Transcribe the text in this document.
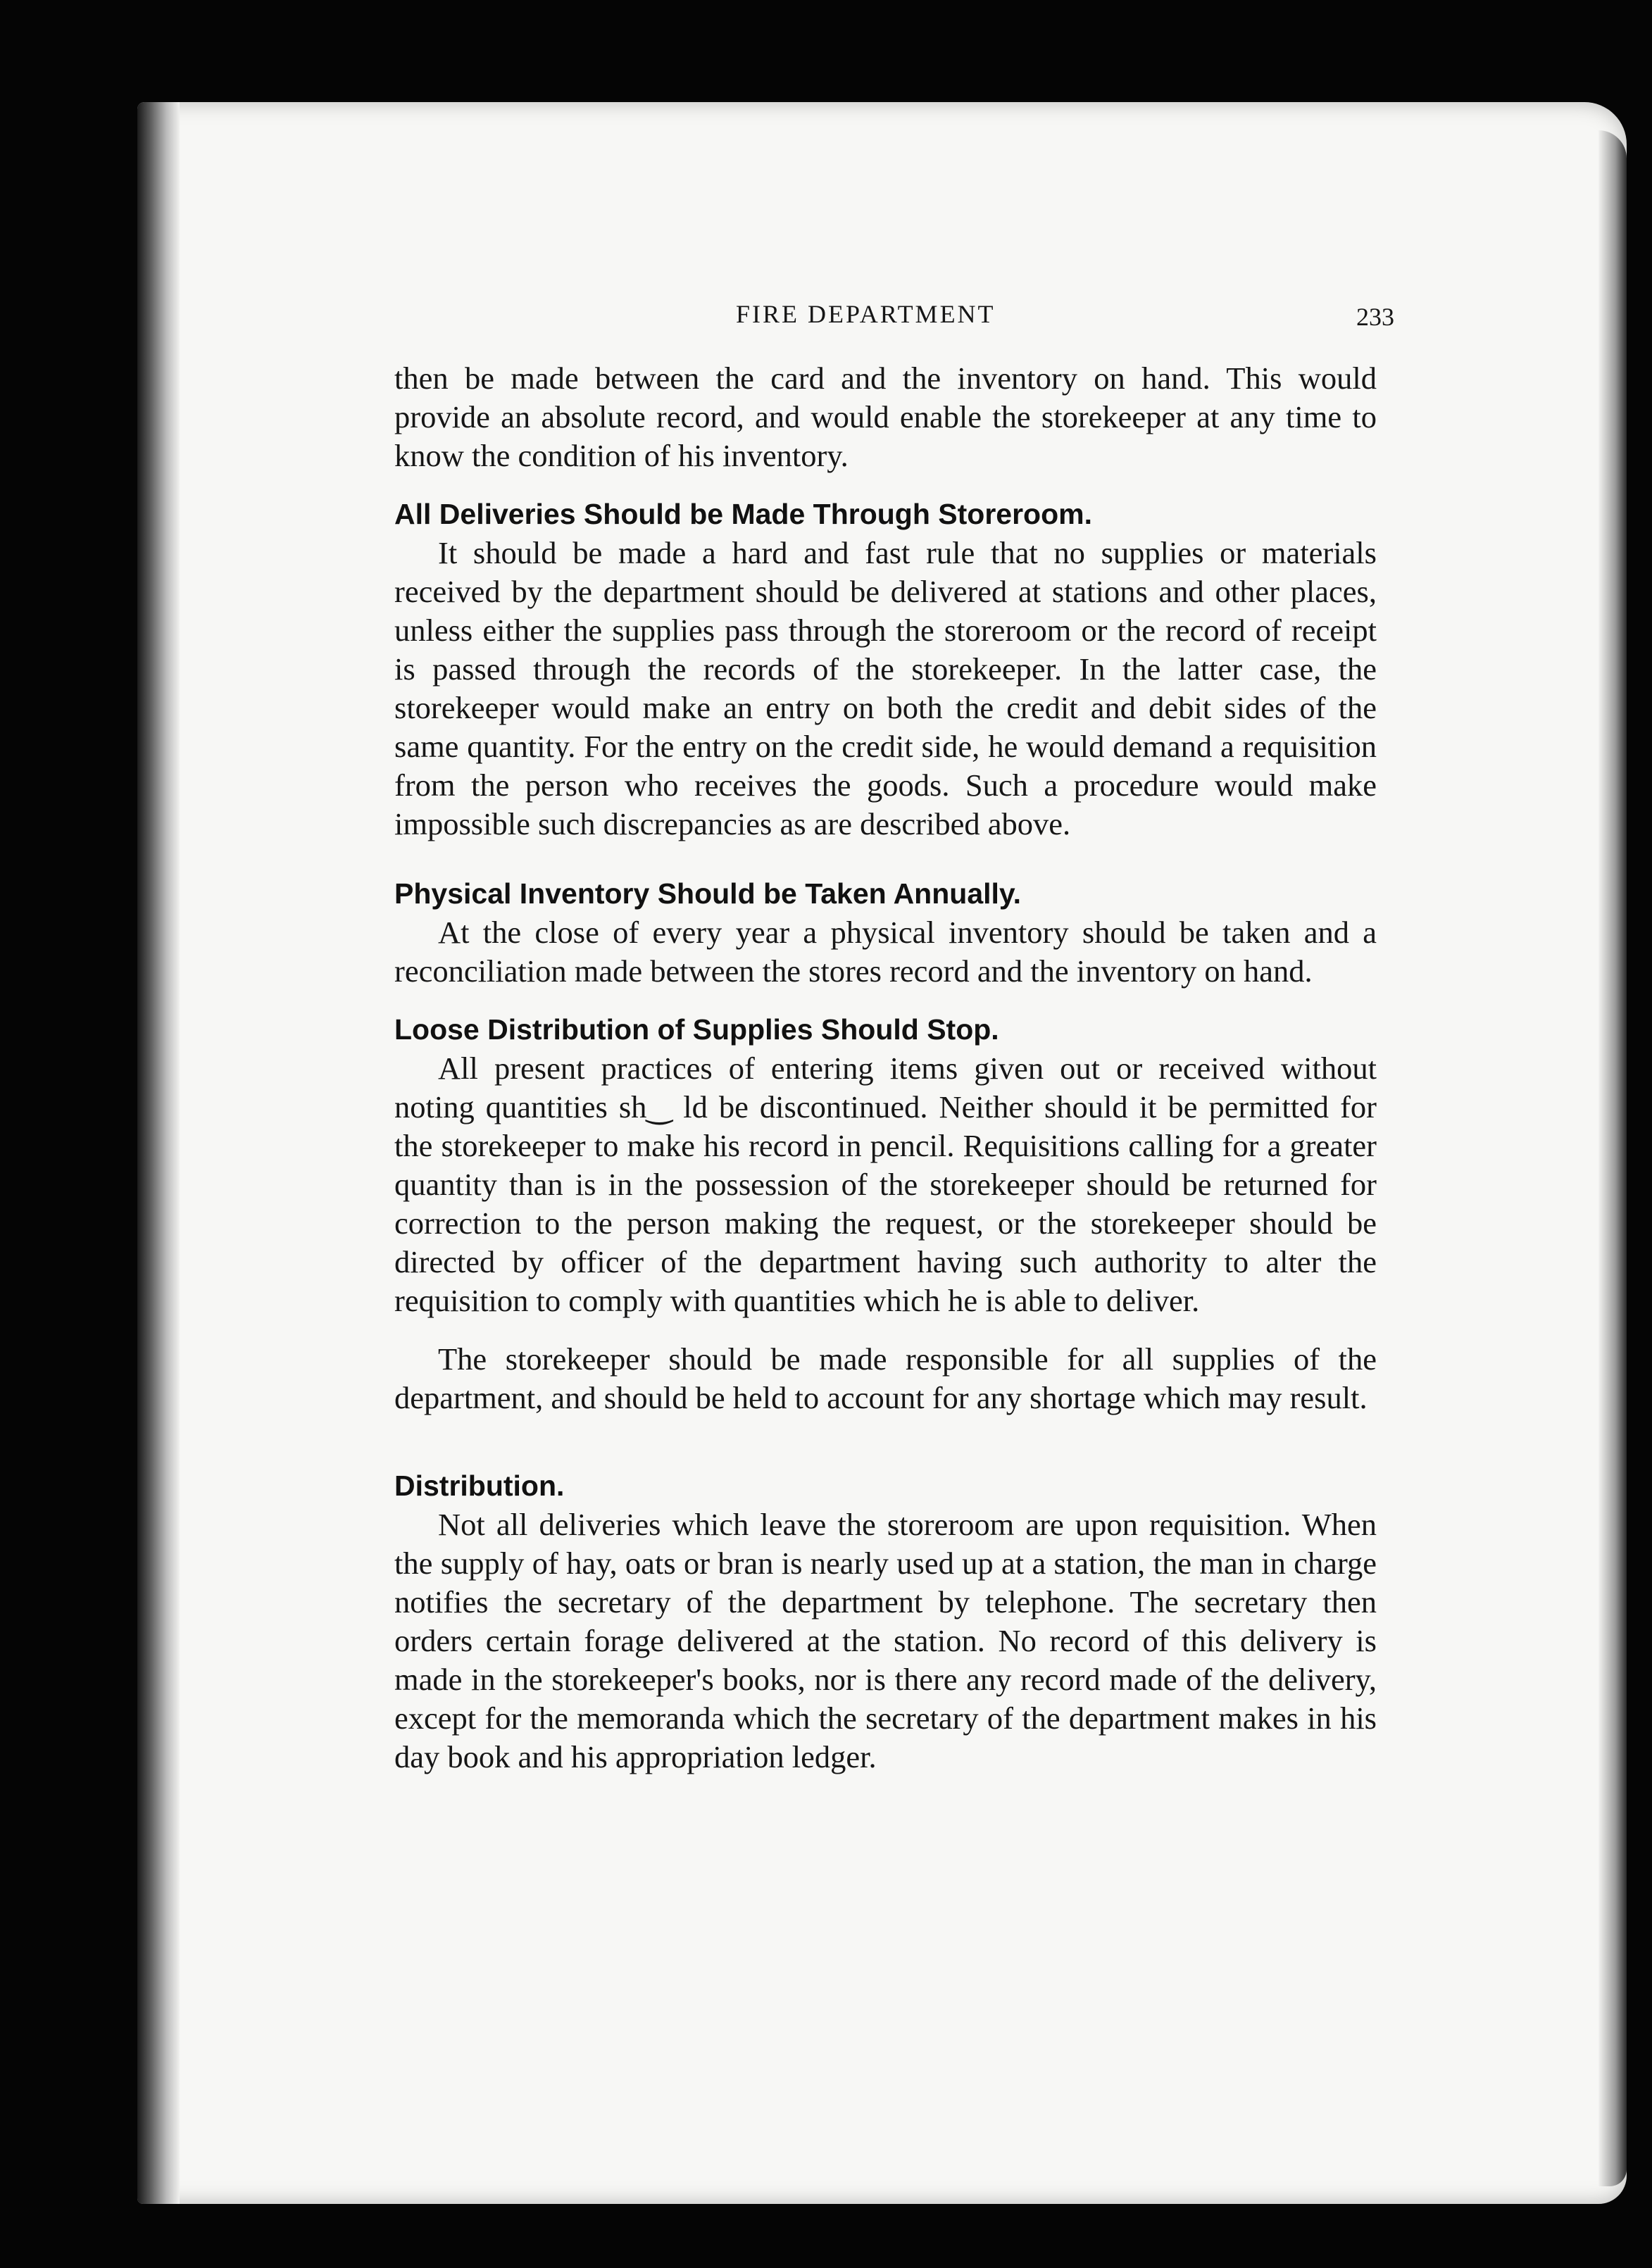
FIRE DEPARTMENT	233

then be made between the card and the inventory on hand. This would provide an absolute record, and would enable the storekeeper at any time to know the condition of his inventory.

All Deliveries Should be Made Through Storeroom.

It should be made a hard and fast rule that no supplies or materials received by the department should be delivered at stations and other places, unless either the supplies pass through the storeroom or the record of receipt is passed through the records of the storekeeper. In the latter case, the storekeeper would make an entry on both the credit and debit sides of the same quantity. For the entry on the credit side, he would demand a requisition from the person who receives the goods. Such a procedure would make impossible such discrepancies as are described above.

Physical Inventory Should be Taken Annually.

At the close of every year a physical inventory should be taken and a reconciliation made between the stores record and the inventory on hand.

Loose Distribution of Supplies Should Stop.

All present practices of entering items given out or received without noting quantities sh‿ ld be discontinued. Neither should it be permitted for the storekeeper to make his record in pencil. Requisitions calling for a greater quantity than is in the possession of the storekeeper should be returned for correction to the person making the request, or the storekeeper should be directed by officer of the department having such authority to alter the requisition to comply with quantities which he is able to deliver.

The storekeeper should be made responsible for all supplies of the department, and should be held to account for any shortage which may result.

Distribution.

Not all deliveries which leave the storeroom are upon requisition. When the supply of hay, oats or bran is nearly used up at a station, the man in charge notifies the secretary of the department by telephone. The secretary then orders certain forage delivered at the station. No record of this delivery is made in the storekeeper's books, nor is there any record made of the delivery, except for the memoranda which the secretary of the department makes in his day book and his appropriation ledger.
